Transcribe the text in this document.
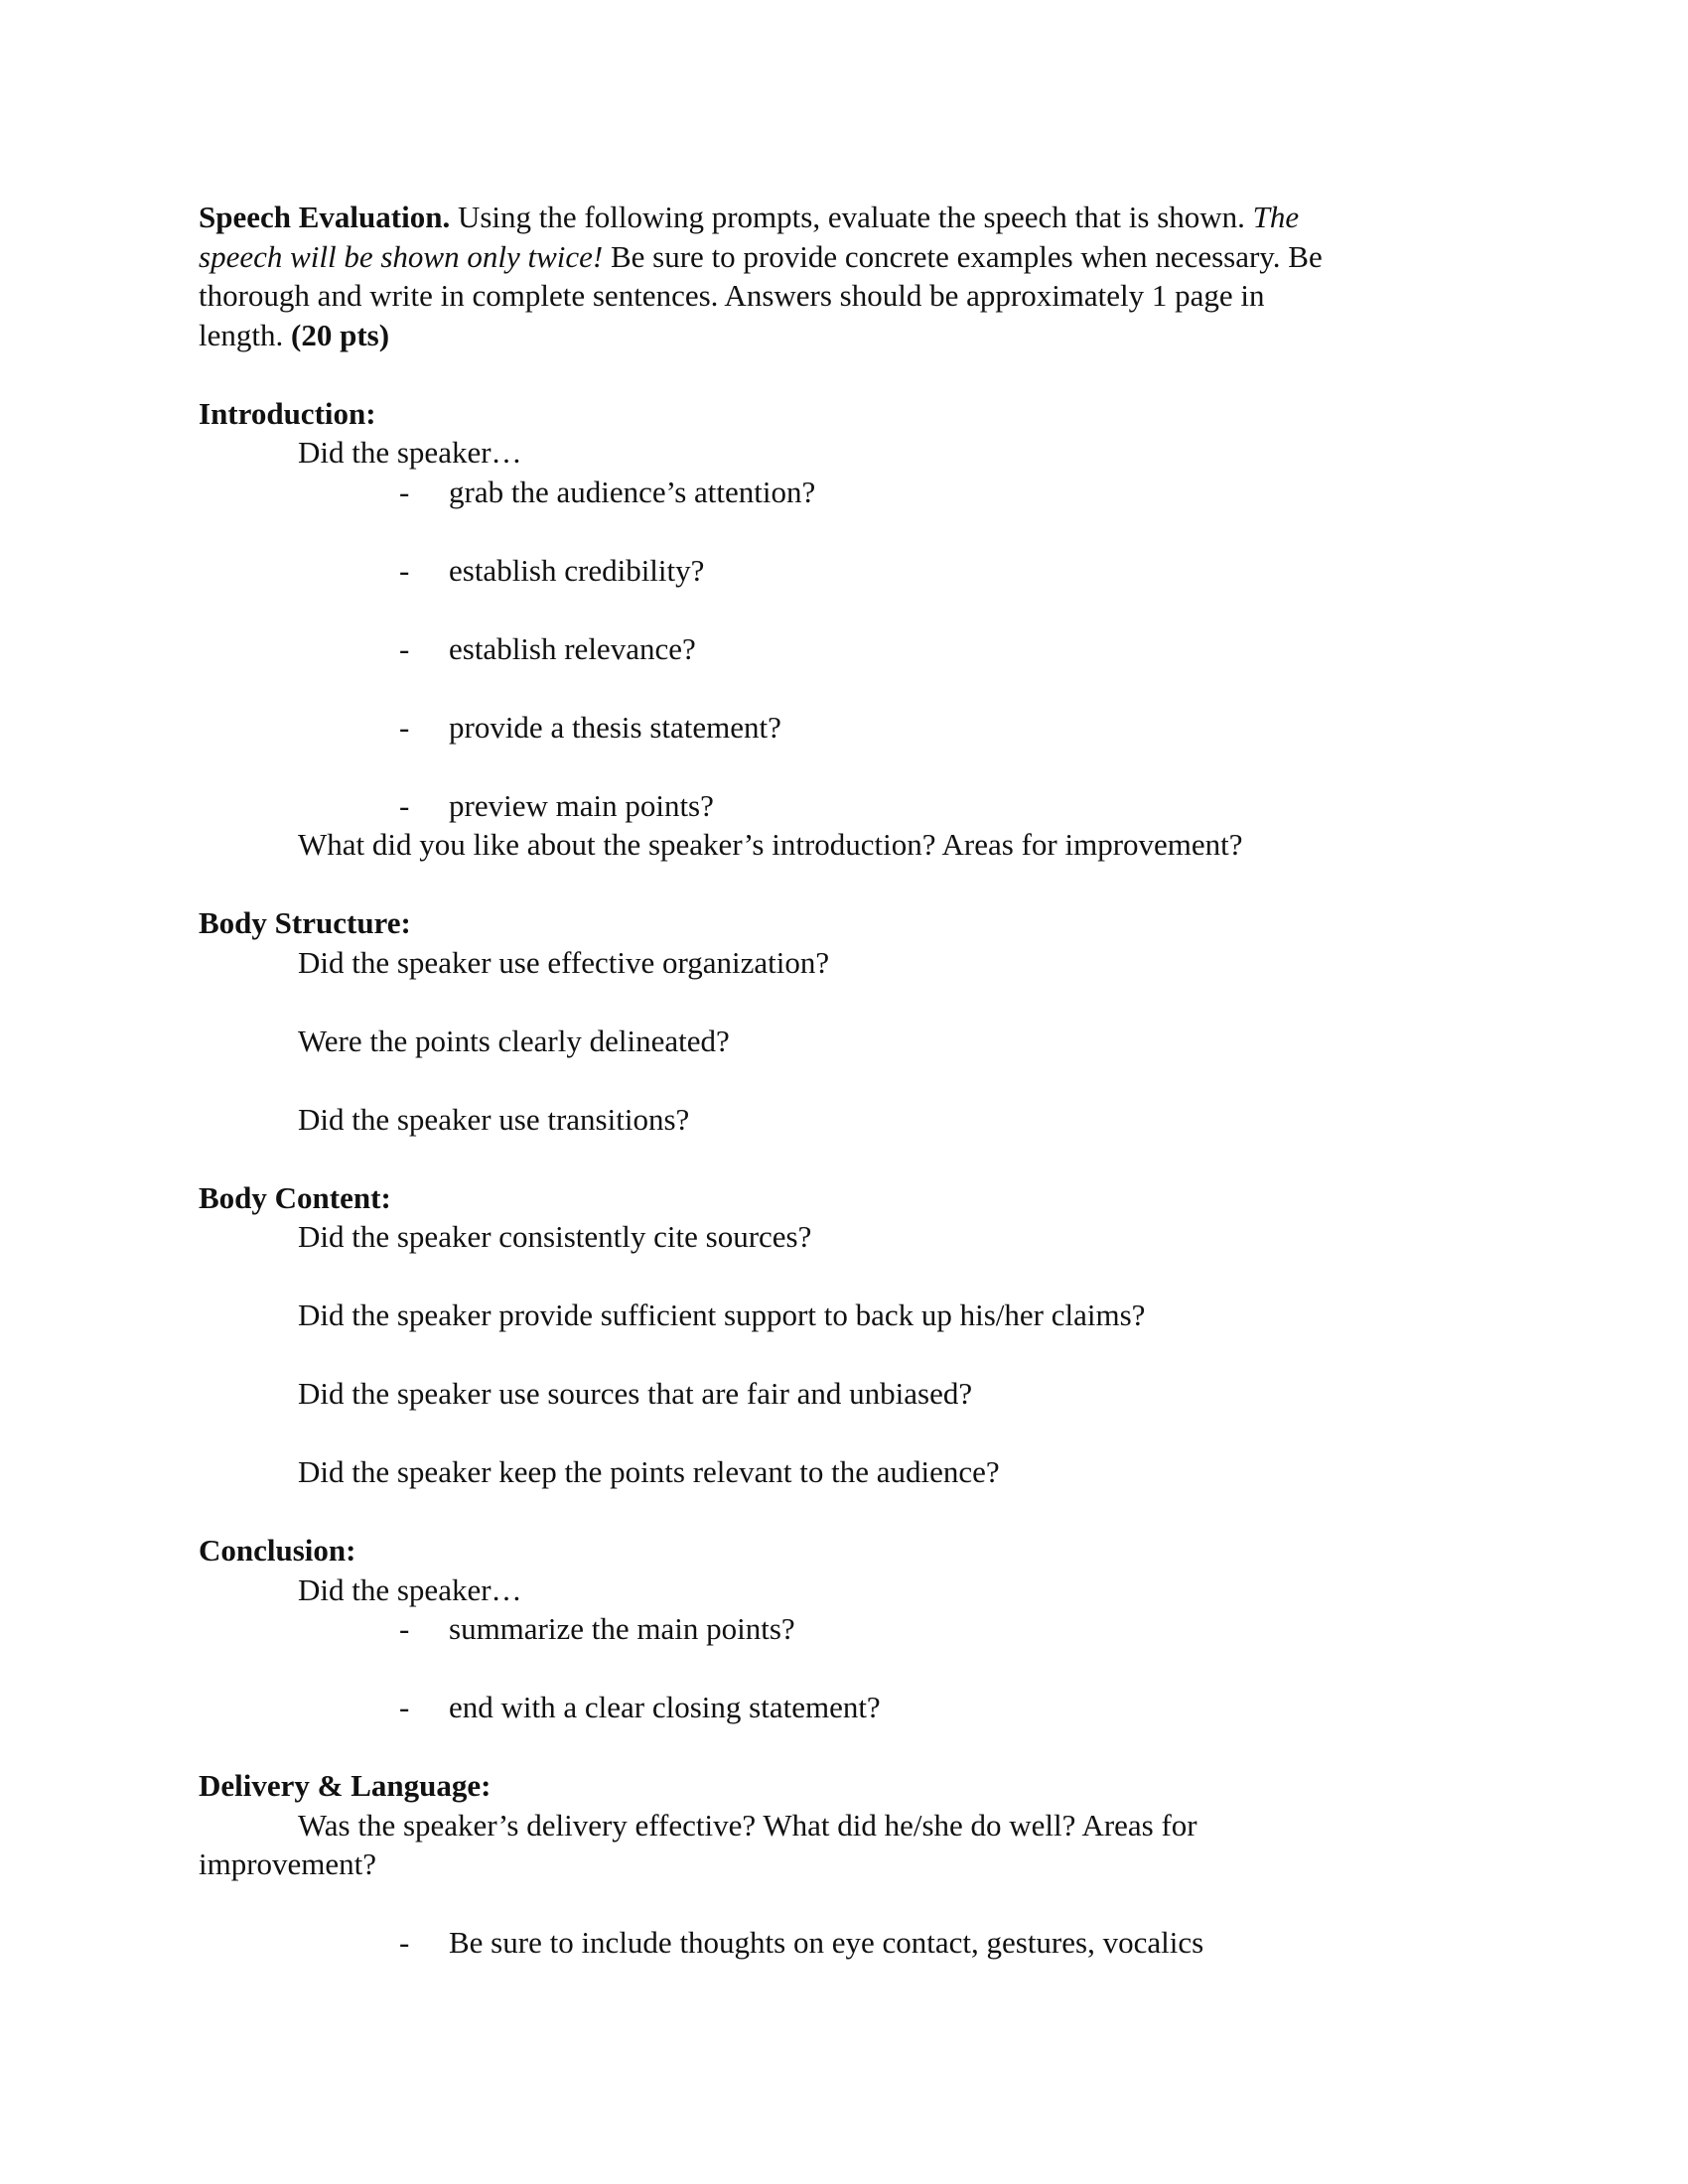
Speech Evaluation. Using the following prompts, evaluate the speech that is shown. The
speech will be shown only twice! Be sure to provide concrete examples when necessary. Be
thorough and write in complete sentences. Answers should be approximately 1 page in
length. (20 pts)
Introduction:
Did the speaker…
-	grab the audience’s attention?
-	establish credibility?
-	establish relevance?
-	provide a thesis statement?
-	preview main points?
What did you like about the speaker’s introduction? Areas for improvement?
Body Structure:
Did the speaker use effective organization?
Were the points clearly delineated?
Did the speaker use transitions?
Body Content:
Did the speaker consistently cite sources?
Did the speaker provide sufficient support to back up his/her claims?
Did the speaker use sources that are fair and unbiased?
Did the speaker keep the points relevant to the audience?
Conclusion:
Did the speaker…
-	summarize the main points?
-	end with a clear closing statement?
Delivery & Language:
Was the speaker’s delivery effective? What did he/she do well? Areas for
improvement?
-	Be sure to include thoughts on eye contact, gestures, vocalics
